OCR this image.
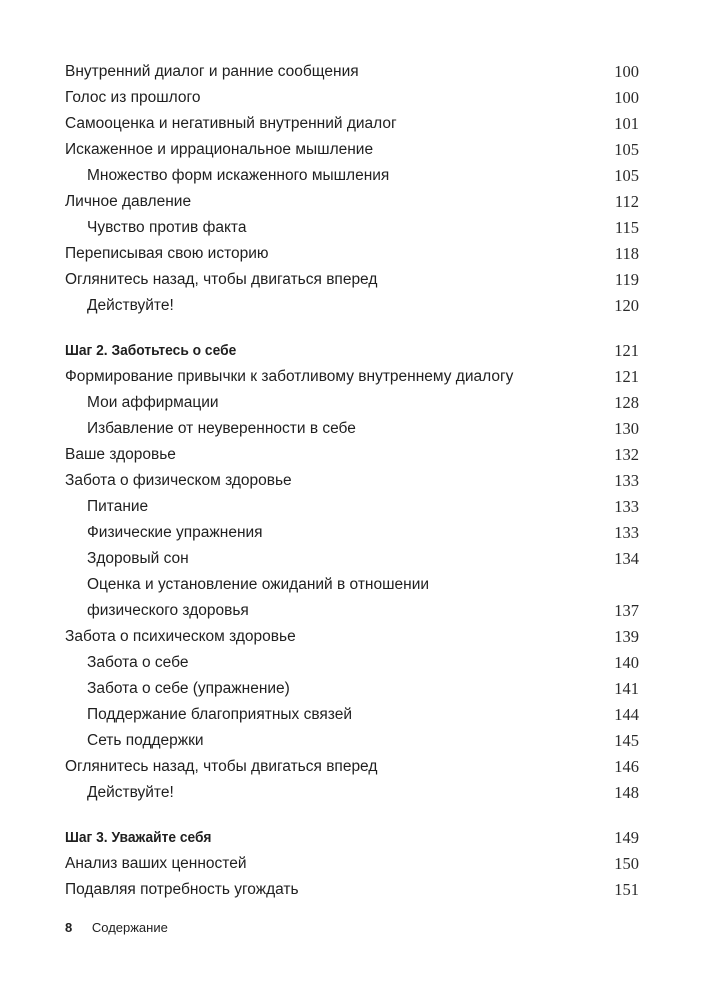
Внутренний диалог и ранние сообщения	100
Голос из прошлого	100
Самооценка и негативный внутренний диалог	101
Искаженное и иррациональное мышление	105
Множество форм искаженного мышления	105
Личное давление	112
Чувство против факта	115
Переписывая свою историю	118
Оглянитесь назад, чтобы двигаться вперед	119
Действуйте!	120
Шаг 2. Заботьтесь о себе	121
Формирование привычки к заботливому внутреннему диалогу	121
Мои аффирмации	128
Избавление от неуверенности в себе	130
Ваше здоровье	132
Забота о физическом здоровье	133
Питание	133
Физические упражнения	133
Здоровый сон	134
Оценка и установление ожиданий в отношении
физического здоровья	137
Забота о психическом здоровье	139
Забота о себе	140
Забота о себе (упражнение)	141
Поддержание благоприятных связей	144
Сеть поддержки	145
Оглянитесь назад, чтобы двигаться вперед	146
Действуйте!	148
Шаг 3. Уважайте себя	149
Анализ ваших ценностей	150
Подавляя потребность угождать	151
8 Содержание
